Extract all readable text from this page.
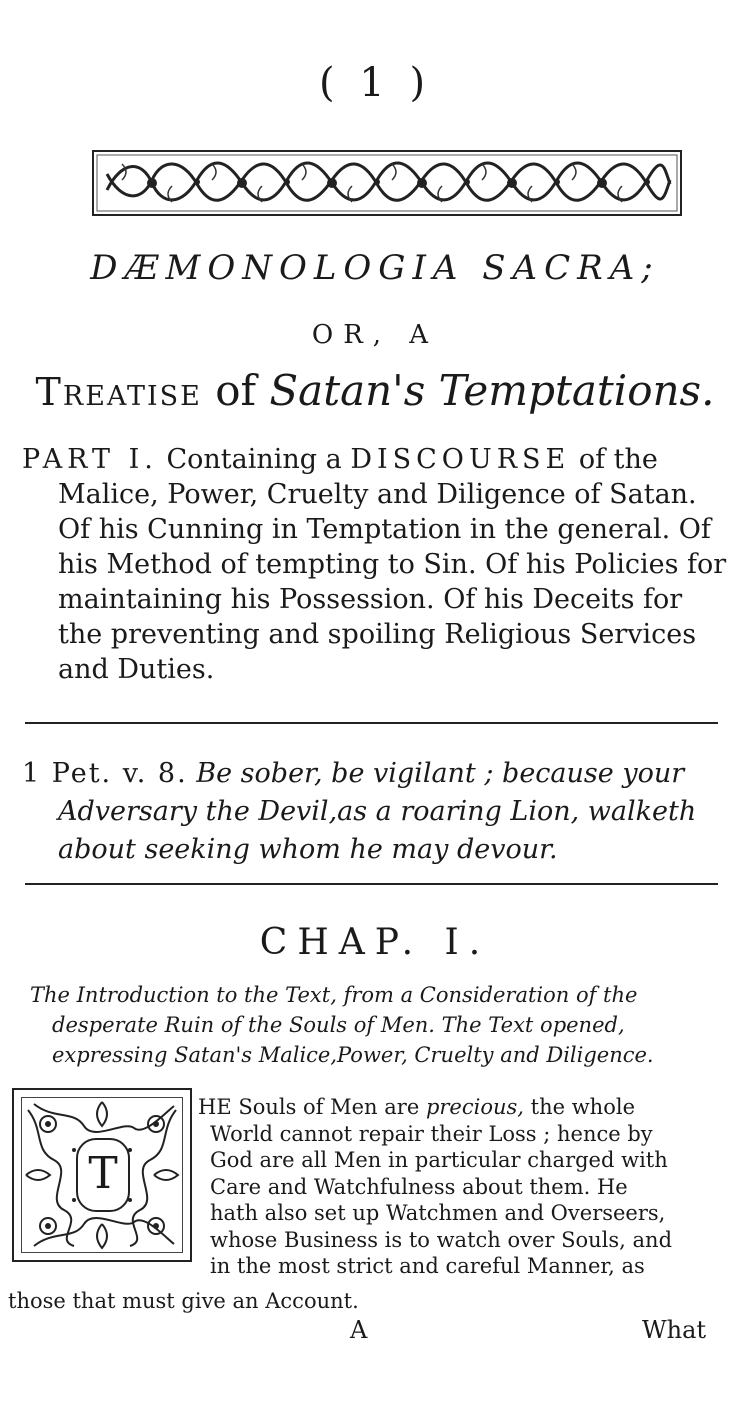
( 1 )
DÆMONOLOGIA SACRA;
OR, A
Treatise of Satan's Temptations.
PART I. Containing a DISCOURSE of the Malice, Power, Cruelty and Diligence of Satan. Of his Cunning in Temptation in the general. Of his Method of tempting to Sin. Of his Policies for maintaining his Possession. Of his Deceits for the preventing and spoiling Religious Services and Duties.
1 Pet. v. 8. Be sober, be vigilant ; because your Adversary the Devil,as a roaring Lion, walketh about seeking whom he may devour.
CHAP. I.
The Introduction to the Text, from a Consideration of the
desperate Ruin of the Souls of Men. The Text opened,
expressing Satan's Malice,Power, Cruelty and Diligence.
T
HE Souls of Men are precious, the whole
World cannot repair their Loss ; hence by
God are all Men in particular charged with
Care and Watchfulness about them. He
hath also set up Watchmen and Overseers,
whose Business is to watch over Souls, and
in the most strict and careful Manner, as
those that must give an Account.
A	What
